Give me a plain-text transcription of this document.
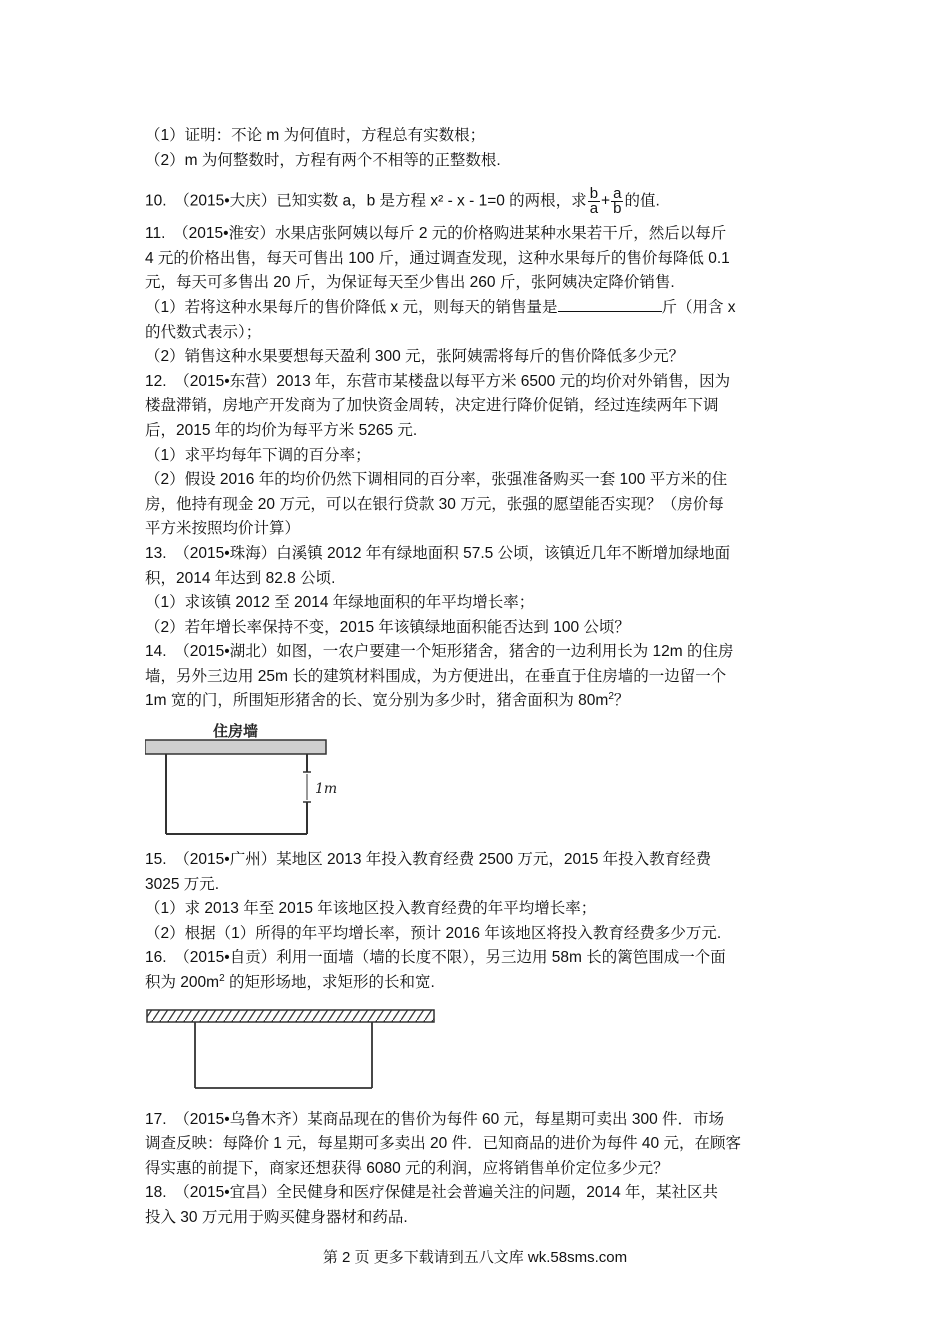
（1）证明：不论 m 为何值时，方程总有实数根；

（2）m 为何整数时，方程有两个不相等的正整数根.

10.　（2015•大庆）已知实数 a，b 是方程 x² - x - 1=0 的两根，求 $\frac{b}{a} + \frac{a}{b}$ 的值.

11.　（2015•淮安）水果店张阿姨以每斤 2 元的价格购进某种水果若干斤，然后以每斤

4 元的价格出售，每天可售出 100 斤，通过调查发现，这种水果每斤的售价每降低 0.1

元，每天可多售出 20 斤，为保证每天至少售出 260 斤，张阿姨决定降价销售.

（1）若将这种水果每斤的售价降低 x 元，则每天的销售量是	斤（用含 x

的代数式表示）；

（2）销售这种水果要想每天盈利 300 元，张阿姨需将每斤的售价降低多少元？

12.　（2015•东营）2013 年，东营市某楼盘以每平方米 6500 元的均价对外销售，因为

楼盘滞销，房地产开发商为了加快资金周转，决定进行降价促销，经过连续两年下调

后，2015 年的均价为每平方米 5265 元.

（1）求平均每年下调的百分率；

（2）假设 2016 年的均价仍然下调相同的百分率，张强准备购买一套 100 平方米的住

房，他持有现金 20 万元，可以在银行贷款 30 万元，张强的愿望能否实现？（房价每

平方米按照均价计算）

13.　（2015•珠海）白溪镇 2012 年有绿地面积 57.5 公顷，该镇近几年不断增加绿地面

积，2014 年达到 82.8 公顷.

（1）求该镇 2012 至 2014 年绿地面积的年平均增长率；

（2）若年增长率保持不变，2015 年该镇绿地面积能否达到 100 公顷？

14.　（2015•湖北）如图，一农户要建一个矩形猪舍，猪舍的一边利用长为 12m 的住房

墙，另外三边用 25m 长的建筑材料围成，为方便进出，在垂直于住房墙的一边留一个

1m 宽的门，所围矩形猪舍的长、宽分别为多少时，猪舍面积为 $80m^2$？

住房墙
1m

15.　（2015•广州）某地区 2013 年投入教育经费 2500 万元，2015 年投入教育经费

3025 万元.

（1）求 2013 年至 2015 年该地区投入教育经费的年平均增长率；

（2）根据（1）所得的年平均增长率，预计 2016 年该地区将投入教育经费多少万元.

16.　（2015•自贡）利用一面墙（墙的长度不限），另三边用 58m 长的篱笆围成一个面

积为 $200m^2$ 的矩形场地，求矩形的长和宽.

17.　（2015•乌鲁木齐）某商品现在的售价为每件 60 元，每星期可卖出 300 件．市场

调查反映：每降价 1 元，每星期可多卖出 20 件．已知商品的进价为每件 40 元，在顾客

得实惠的前提下，商家还想获得 6080 元的利润，应将销售单价定位多少元？

18.　（2015•宜昌）全民健身和医疗保健是社会普遍关注的问题，2014 年，某社区共

投入 30 万元用于购买健身器材和药品.

第 2 页 更多下载请到五八文库 wk.58sms.com
